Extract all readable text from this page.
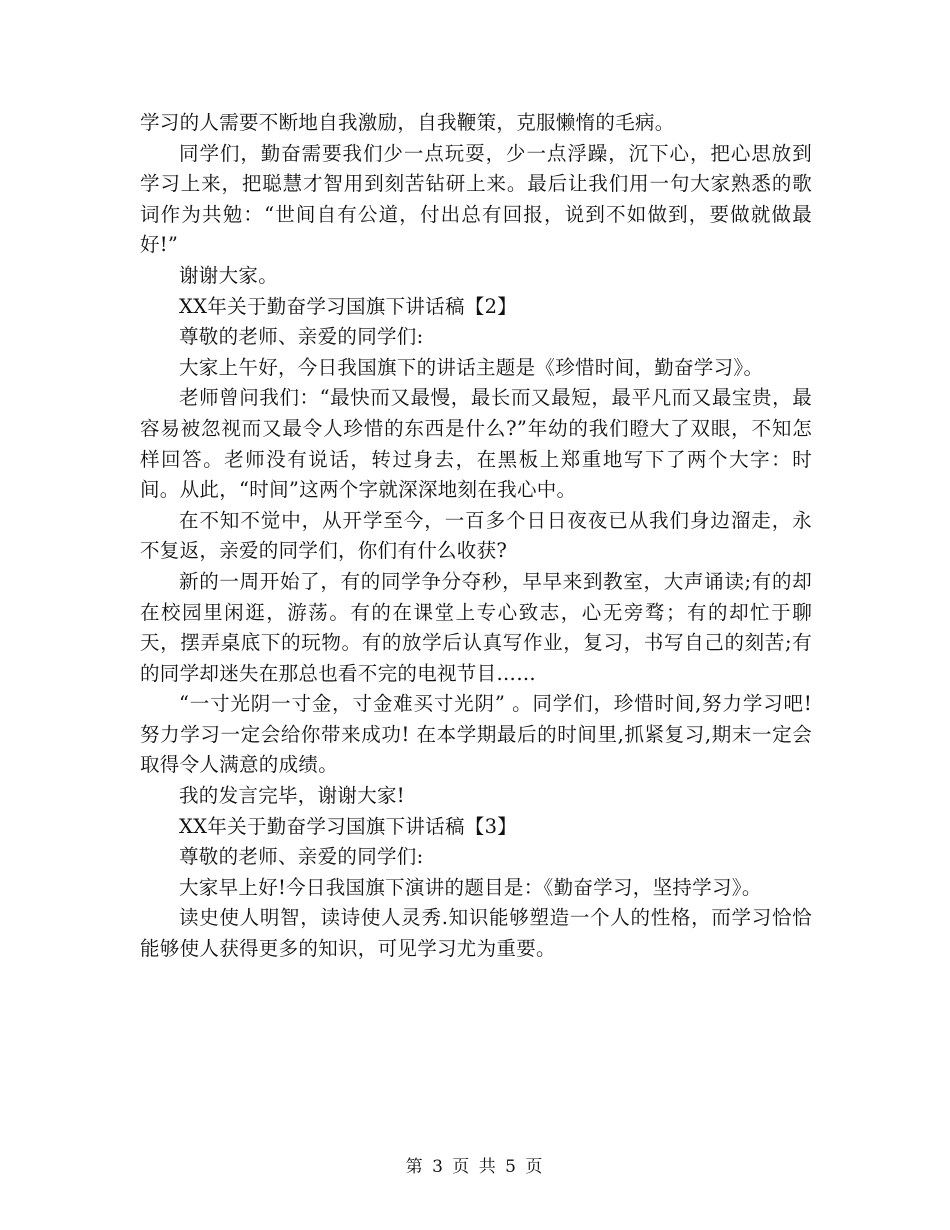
学习的人需要不断地自我激励，自我鞭策，克服懒惰的毛病。

同学们，勤奋需要我们少一点玩耍，少一点浮躁，沉下心，把心思放到学习上来，把聪慧才智用到刻苦钻研上来。最后让我们用一句大家熟悉的歌词作为共勉：“世间自有公道，付出总有回报，说到不如做到，要做就做最好!”

谢谢大家。

XX年关于勤奋学习国旗下讲话稿【2】

尊敬的老师、亲爱的同学们:

大家上午好，今日我国旗下的讲话主题是《珍惜时间，勤奋学习》。

老师曾问我们：“最快而又最慢，最长而又最短，最平凡而又最宝贵，最容易被忽视而又最令人珍惜的东西是什么?”年幼的我们瞪大了双眼，不知怎样回答。老师没有说话，转过身去，在黑板上郑重地写下了两个大字：时间。从此，“时间”这两个字就深深地刻在我心中。

在不知不觉中，从开学至今，一百多个日日夜夜已从我们身边溜走，永不复返，亲爱的同学们，你们有什么收获?

新的一周开始了，有的同学争分夺秒，早早来到教室，大声诵读;有的却在校园里闲逛，游荡。有的在课堂上专心致志，心无旁骛；有的却忙于聊天，摆弄桌底下的玩物。有的放学后认真写作业，复习，书写自己的刻苦;有的同学却迷失在那总也看不完的电视节目……

“一寸光阴一寸金，寸金难买寸光阴” 。同学们，珍惜时间,努力学习吧! 努力学习一定会给你带来成功! 在本学期最后的时间里,抓紧复习,期末一定会取得令人满意的成绩。

我的发言完毕，谢谢大家!

XX年关于勤奋学习国旗下讲话稿【3】

尊敬的老师、亲爱的同学们:

大家早上好!今日我国旗下演讲的题目是：《勤奋学习，坚持学习》。

读史使人明智，读诗使人灵秀.知识能够塑造一个人的性格，而学习恰恰能够使人获得更多的知识，可见学习尤为重要。

第 3 页 共 5 页
